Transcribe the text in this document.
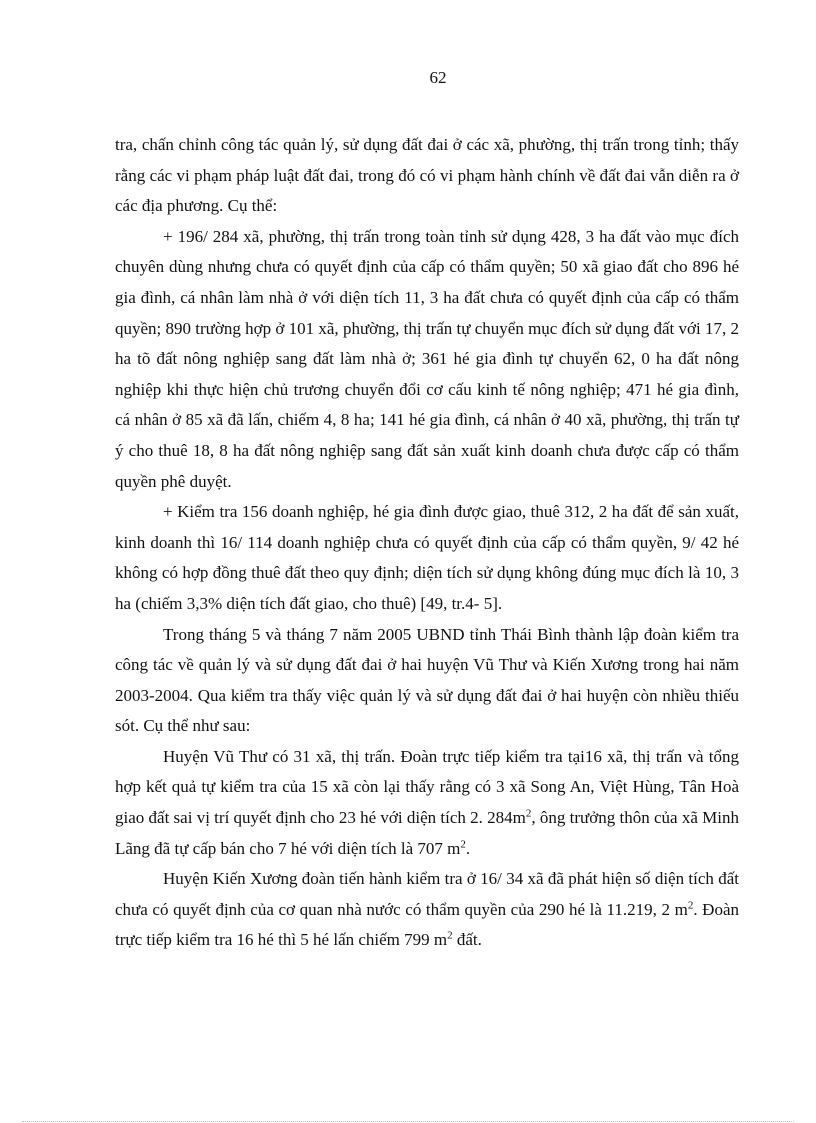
62

tra, chấn chỉnh công tác quản lý, sử dụng đất đai ở các xã, phường, thị trấn trong tỉnh; thấy rằng các vi phạm pháp luật đất đai, trong đó có vi phạm hành chính về đất đai vẫn diễn ra ở các địa phương. Cụ thể:

+ 196/ 284 xã, phường, thị trấn trong toàn tỉnh sử dụng 428, 3 ha đất vào mục đích chuyên dùng nhưng chưa có quyết định của cấp có thẩm quyền; 50 xã giao đất cho 896 hé gia đình, cá nhân làm nhà ở với diện tích 11, 3 ha đất chưa có quyết định của cấp có thẩm quyền; 890 trường hợp ở 101 xã, phường, thị trấn tự chuyển mục đích sử dụng đất với 17, 2 ha tõ đất nông nghiệp sang đất làm nhà ở; 361 hé gia đình tự chuyển 62, 0 ha đất nông nghiệp khi thực hiện chủ trương chuyển đổi cơ cấu kinh tế nông nghiệp; 471 hé gia đình, cá nhân ở 85 xã đã lấn, chiếm 4, 8 ha; 141 hé gia đình, cá nhân ở 40 xã, phường, thị trấn tự ý cho thuê 18, 8 ha đất nông nghiệp sang đất sản xuất kinh doanh chưa được cấp có thẩm quyền phê duyệt.

+ Kiểm tra 156 doanh nghiệp, hé gia đình được giao, thuê 312, 2 ha đất để sản xuất, kinh doanh thì 16/ 114 doanh nghiệp chưa có quyết định của cấp có thẩm quyền, 9/ 42 hé không có hợp đồng thuê đất theo quy định; diện tích sử dụng không đúng mục đích là 10, 3 ha (chiếm 3,3% diện tích đất giao, cho thuê) [49, tr.4- 5].

Trong tháng 5 và tháng 7 năm 2005 UBND tỉnh Thái Bình thành lập đoàn kiểm tra công tác về quản lý và sử dụng đất đai ở hai huyện Vũ Thư và Kiến Xương trong hai năm 2003-2004. Qua kiểm tra thấy việc quản lý và sử dụng đất đai ở hai huyện còn nhiều thiếu sót. Cụ thể như sau:

Huyện Vũ Thư có 31 xã, thị trấn. Đoàn trực tiếp kiểm tra tại16 xã, thị trấn và tổng hợp kết quả tự kiểm tra của 15 xã còn lại thấy rằng có 3 xã Song An, Việt Hùng, Tân Hoà giao đất sai vị trí quyết định cho 23 hé với diện tích 2. $284m^2$, ông trưởng thôn của xã Minh Lãng đã tự cấp bán cho 7 hé với diện tích là 707 $m^2$.

Huyện Kiến Xương đoàn tiến hành kiểm tra ở 16/ 34 xã đã phát hiện số diện tích đất chưa có quyết định của cơ quan nhà nước có thẩm quyền của 290 hé là 11.219, 2 $m^2$. Đoàn trực tiếp kiểm tra 16 hé thì 5 hé lấn chiếm 799 $m^2$ đất.
